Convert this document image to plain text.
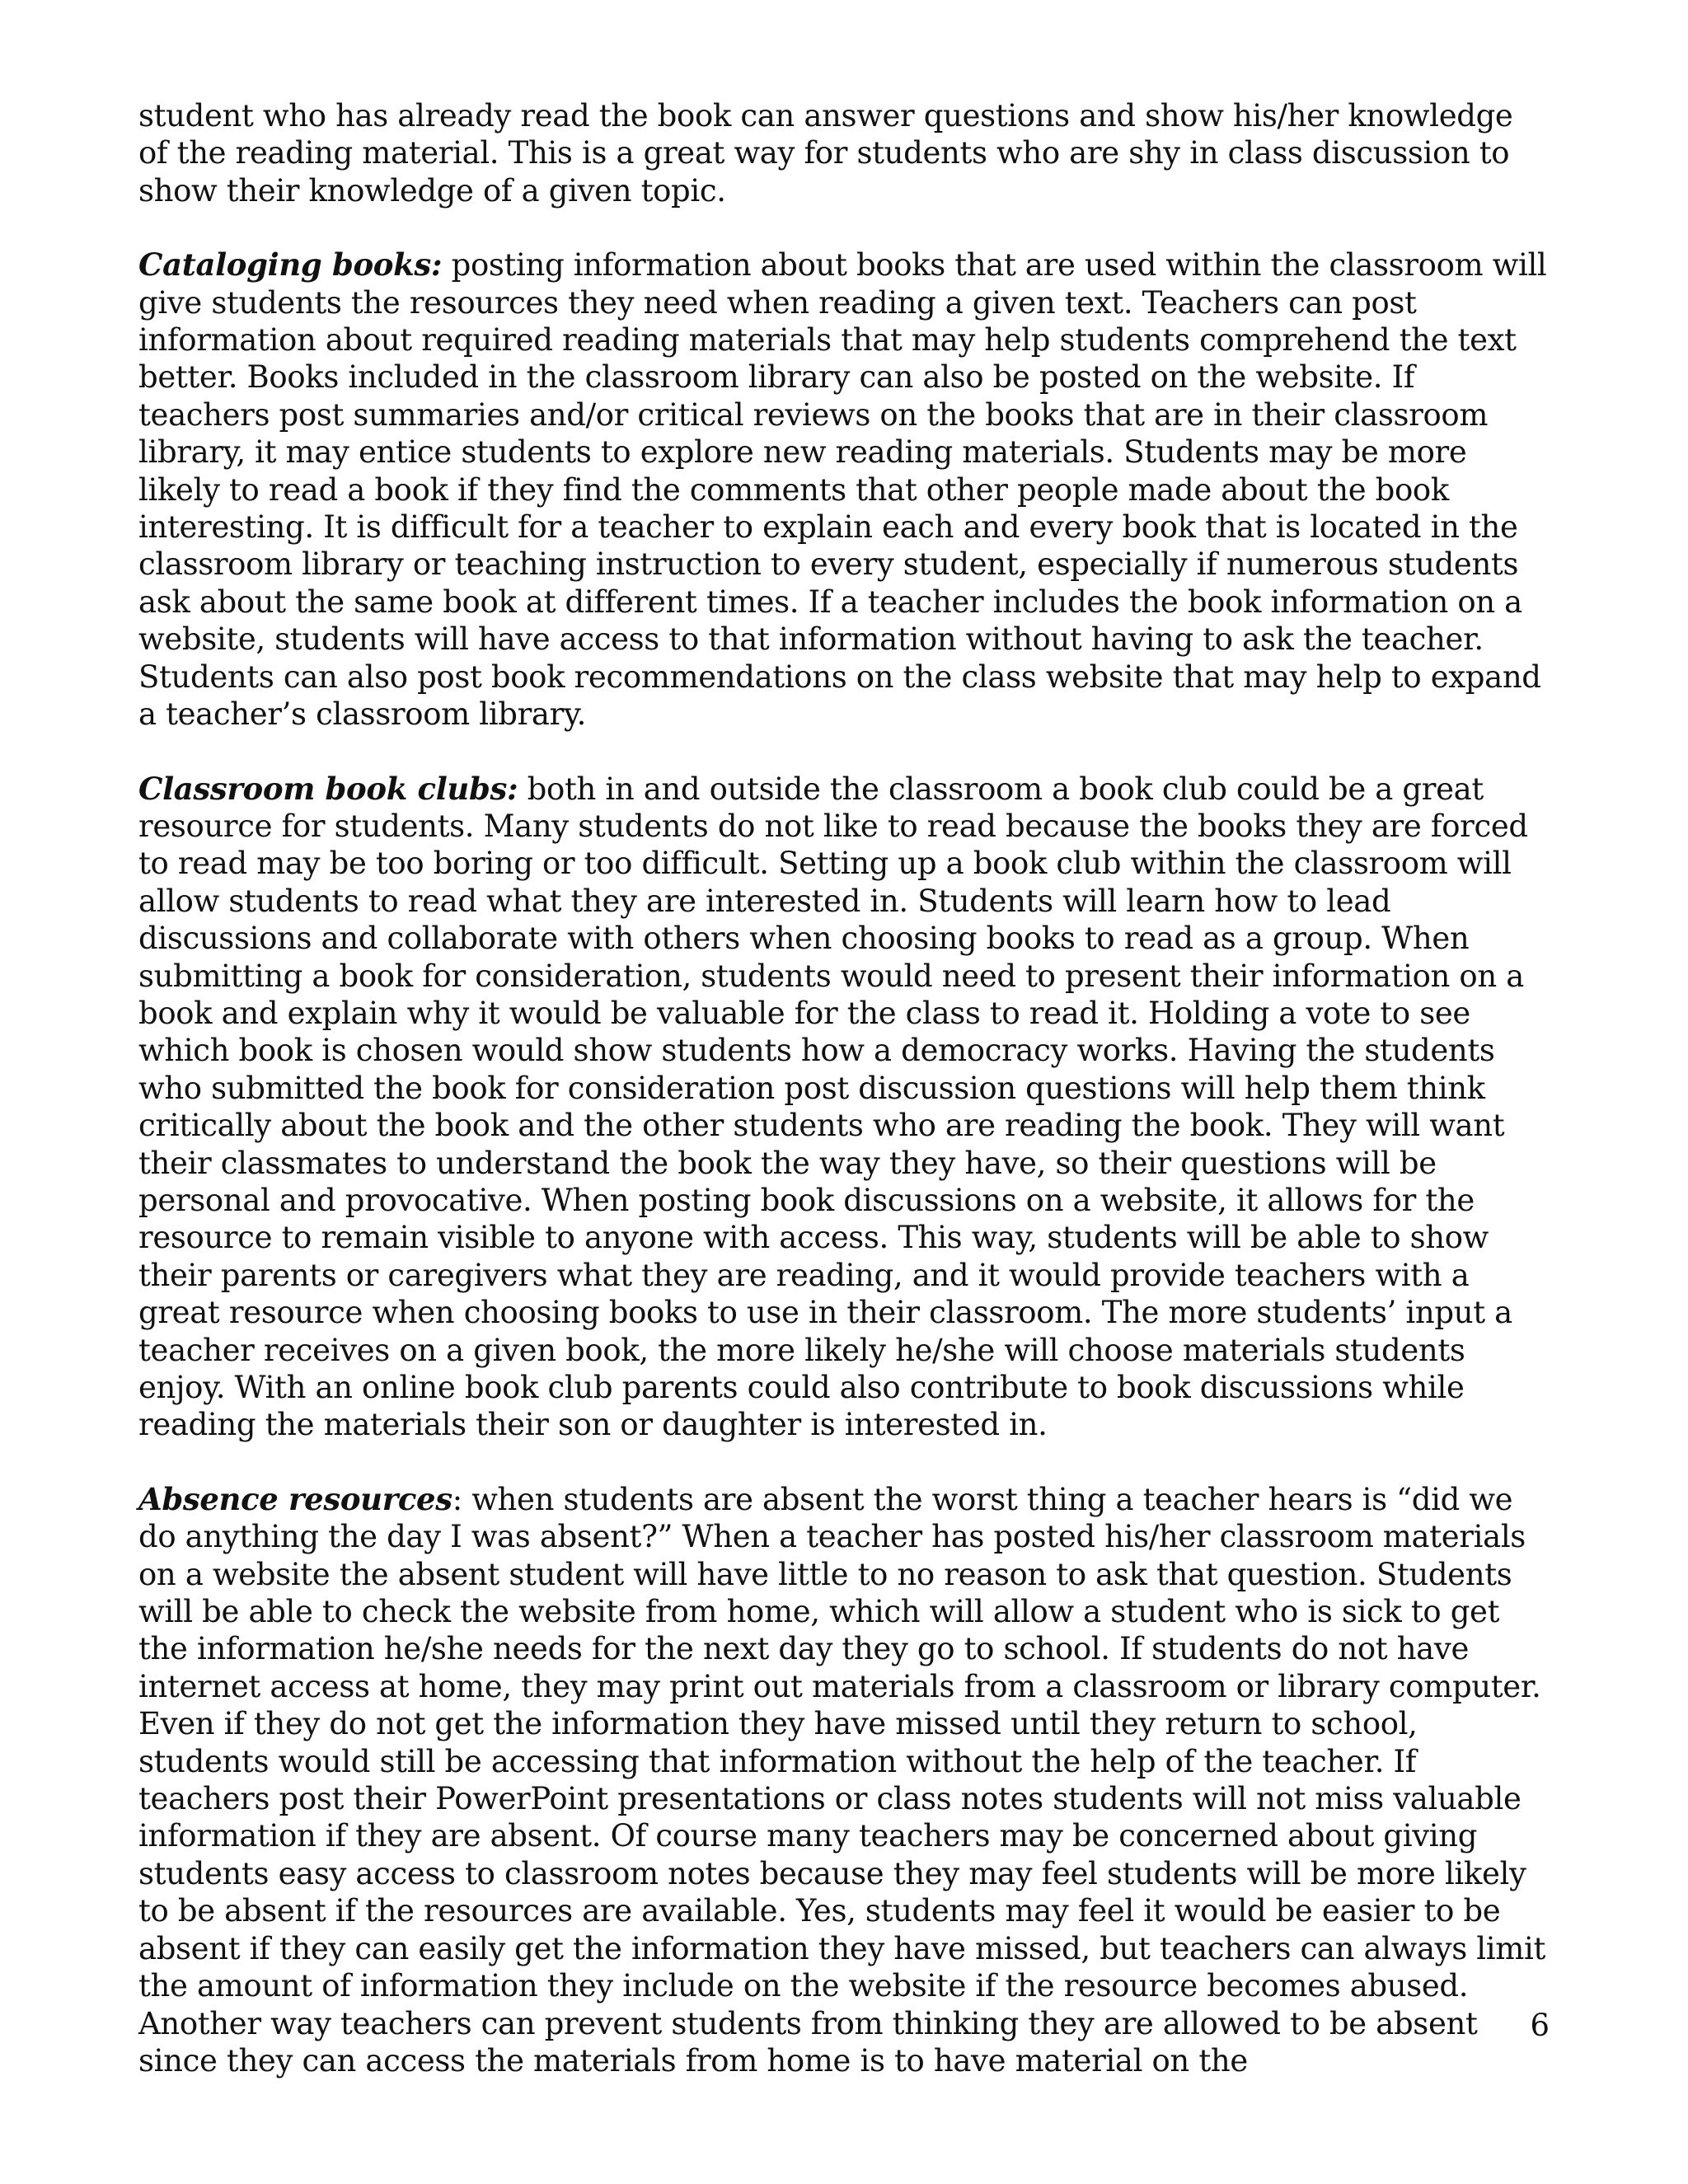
student who has already read the book can answer questions and show his/her knowledge of the reading material. This is a great way for students who are shy in class discussion to show their knowledge of a given topic.

Cataloging books: posting information about books that are used within the classroom will give students the resources they need when reading a given text. Teachers can post information about required reading materials that may help students comprehend the text better. Books included in the classroom library can also be posted on the website. If teachers post summaries and/or critical reviews on the books that are in their classroom library, it may entice students to explore new reading materials. Students may be more likely to read a book if they find the comments that other people made about the book interesting. It is difficult for a teacher to explain each and every book that is located in the classroom library or teaching instruction to every student, especially if numerous students ask about the same book at different times. If a teacher includes the book information on a website, students will have access to that information without having to ask the teacher. Students can also post book recommendations on the class website that may help to expand a teacher’s classroom library.

Classroom book clubs: both in and outside the classroom a book club could be a great resource for students. Many students do not like to read because the books they are forced to read may be too boring or too difficult. Setting up a book club within the classroom will allow students to read what they are interested in. Students will learn how to lead discussions and collaborate with others when choosing books to read as a group. When submitting a book for consideration, students would need to present their information on a book and explain why it would be valuable for the class to read it. Holding a vote to see which book is chosen would show students how a democracy works. Having the students who submitted the book for consideration post discussion questions will help them think critically about the book and the other students who are reading the book. They will want their classmates to understand the book the way they have, so their questions will be personal and provocative. When posting book discussions on a website, it allows for the resource to remain visible to anyone with access. This way, students will be able to show their parents or caregivers what they are reading, and it would provide teachers with a great resource when choosing books to use in their classroom. The more students’ input a teacher receives on a given book, the more likely he/she will choose materials students enjoy. With an online book club parents could also contribute to book discussions while reading the materials their son or daughter is interested in.

Absence resources: when students are absent the worst thing a teacher hears is “did we do anything the day I was absent?” When a teacher has posted his/her classroom materials on a website the absent student will have little to no reason to ask that question. Students will be able to check the website from home, which will allow a student who is sick to get the information he/she needs for the next day they go to school. If students do not have internet access at home, they may print out materials from a classroom or library computer. Even if they do not get the information they have missed until they return to school, students would still be accessing that information without the help of the teacher. If teachers post their PowerPoint presentations or class notes students will not miss valuable information if they are absent. Of course many teachers may be concerned about giving students easy access to classroom notes because they may feel students will be more likely to be absent if the resources are available. Yes, students may feel it would be easier to be absent if they can easily get the information they have missed, but teachers can always limit the amount of information they include on the website if the resource becomes abused. Another way teachers can prevent students from thinking they are allowed to be absent since they can access the materials from home is to have material on the

6
